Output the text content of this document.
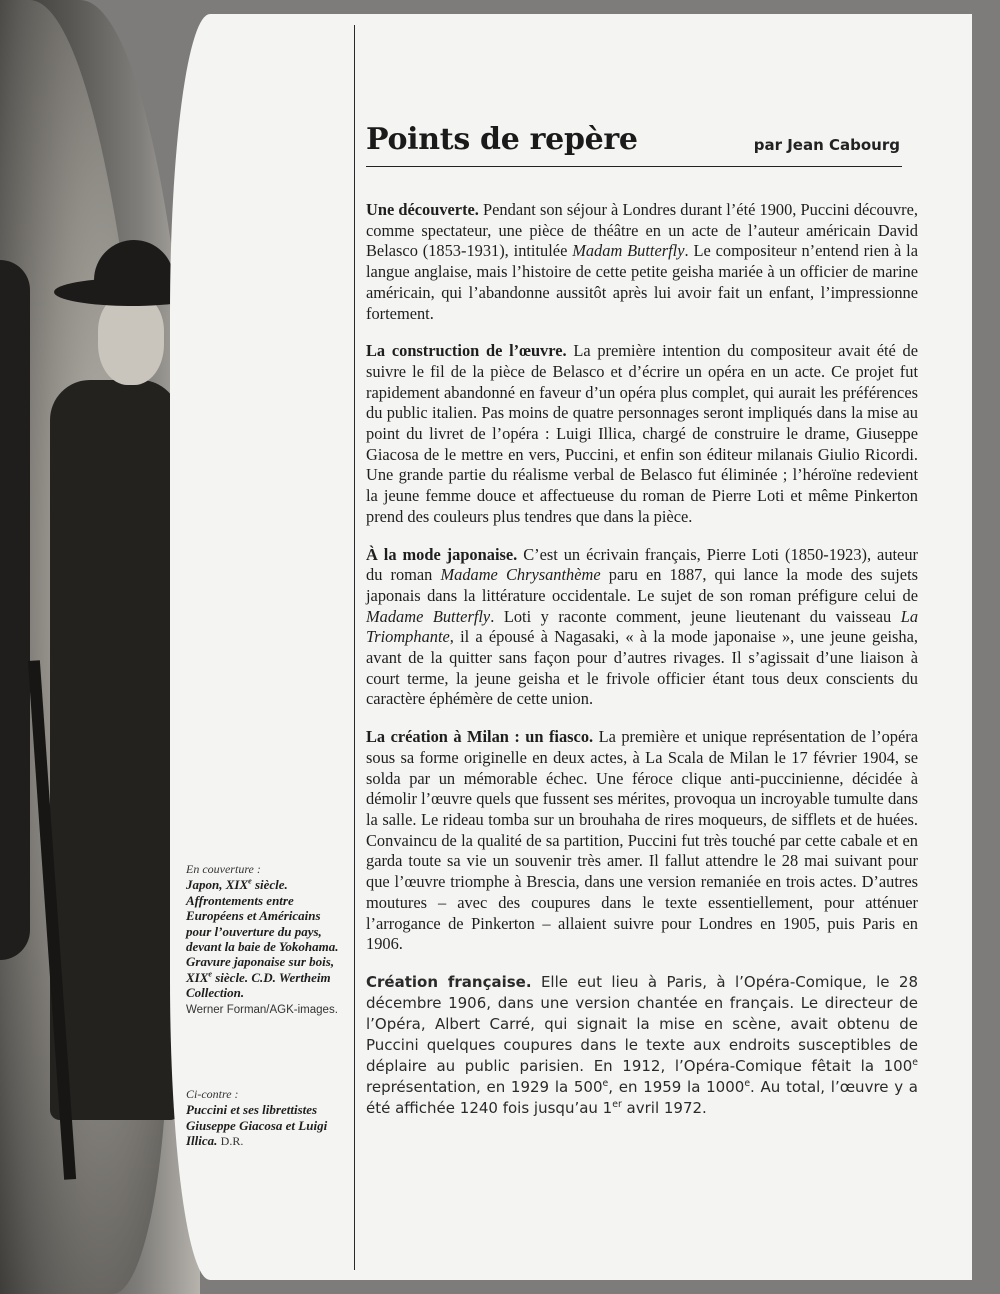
Points de repère	par Jean Cabourg

Une découverte. Pendant son séjour à Londres durant l’été 1900, Puccini découvre, comme spectateur, une pièce de théâtre en un acte de l’auteur américain David Belasco (1853-1931), intitulée Madam Butterfly. Le compositeur n’entend rien à la langue anglaise, mais l’histoire de cette petite geisha mariée à un officier de marine américain, qui l’abandonne aussitôt après lui avoir fait un enfant, l’impressionne fortement.

La construction de l’œuvre. La première intention du compositeur avait été de suivre le fil de la pièce de Belasco et d’écrire un opéra en un acte. Ce projet fut rapidement abandonné en faveur d’un opéra plus complet, qui aurait les préférences du public italien. Pas moins de quatre personnages seront impliqués dans la mise au point du livret de l’opéra : Luigi Illica, chargé de construire le drame, Giuseppe Giacosa de le mettre en vers, Puccini, et enfin son éditeur milanais Giulio Ricordi. Une grande partie du réalisme verbal de Belasco fut éliminée ; l’héroïne redevient la jeune femme douce et affectueuse du roman de Pierre Loti et même Pinkerton prend des couleurs plus tendres que dans la pièce.

À la mode japonaise. C’est un écrivain français, Pierre Loti (1850-1923), auteur du roman Madame Chrysanthème paru en 1887, qui lance la mode des sujets japonais dans la littérature occidentale. Le sujet de son roman préfigure celui de Madame Butterfly. Loti y raconte comment, jeune lieutenant du vaisseau La Triomphante, il a épousé à Nagasaki, « à la mode japonaise », une jeune geisha, avant de la quitter sans façon pour d’autres rivages. Il s’agissait d’une liaison à court terme, la jeune geisha et le frivole officier étant tous deux conscients du caractère éphémère de cette union.

La création à Milan : un fiasco. La première et unique représentation de l’opéra sous sa forme originelle en deux actes, à La Scala de Milan le 17 février 1904, se solda par un mémorable échec. Une féroce clique anti-puccinienne, décidée à démolir l’œuvre quels que fussent ses mérites, provoqua un incroyable tumulte dans la salle. Le rideau tomba sur un brouhaha de rires moqueurs, de sifflets et de huées. Convaincu de la qualité de sa partition, Puccini fut très touché par cette cabale et en garda toute sa vie un souvenir très amer. Il fallut attendre le 28 mai suivant pour que l’œuvre triomphe à Brescia, dans une version remaniée en trois actes. D’autres moutures – avec des coupures dans le texte essentiellement, pour atténuer l’arrogance de Pinkerton – allaient suivre pour Londres en 1905, puis Paris en 1906.

Création française. Elle eut lieu à Paris, à l’Opéra-Comique, le 28 décembre 1906, dans une version chantée en français. Le directeur de l’Opéra, Albert Carré, qui signait la mise en scène, avait obtenu de Puccini quelques coupures dans le texte aux endroits susceptibles de déplaire au public parisien. En 1912, l’Opéra-Comique fêtait la 100e représentation, en 1929 la 500e, en 1959 la 1000e. Au total, l’œuvre y a été affichée 1240 fois jusqu’au 1er avril 1972.

En couverture :
Japon, XIXe siècle. Affrontements entre Européens et Américains pour l’ouverture du pays, devant la baie de Yokohama. Gravure japonaise sur bois, XIXe siècle. C.D. Wertheim Collection.
Werner Forman/AGK-images.
Ci-contre :
Puccini et ses librettistes Giuseppe Giacosa et Luigi Illica. D.R.
